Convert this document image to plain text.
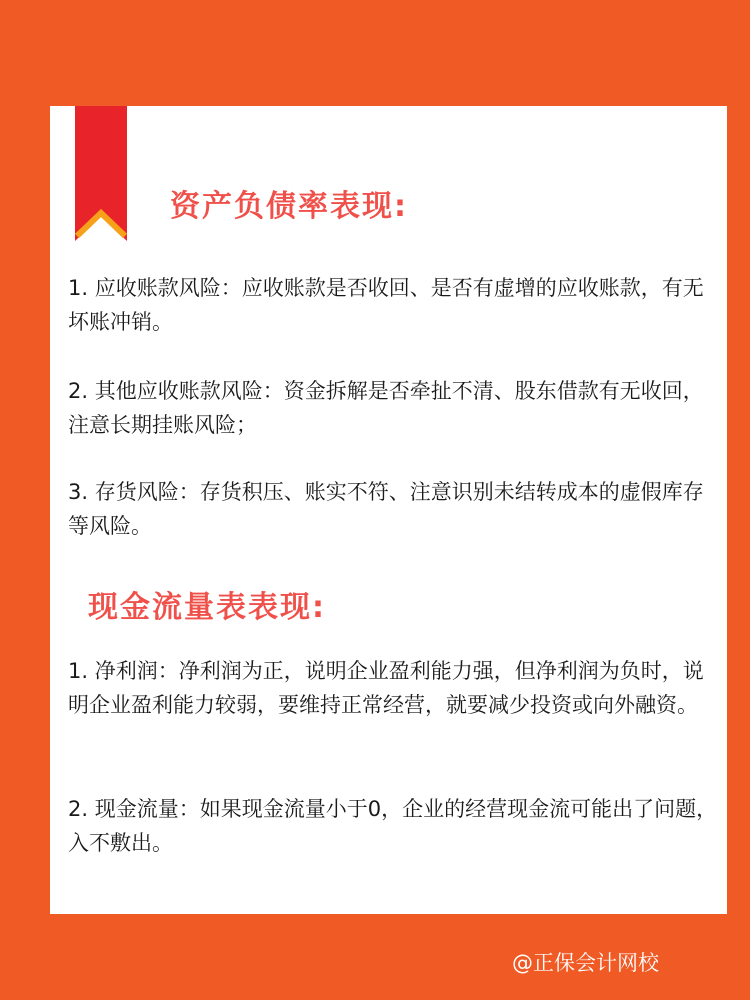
资产负债率表现:

1. 应收账款风险：应收账款是否收回、是否有虚增的应收账款，有无坏账冲销。

2. 其他应收账款风险：资金拆解是否牵扯不清、股东借款有无收回，注意长期挂账风险；

3. 存货风险：存货积压、账实不符、注意识别未结转成本的虚假库存等风险。

现金流量表表现:

1. 净利润：净利润为正，说明企业盈利能力强，但净利润为负时，说明企业盈利能力较弱，要维持正常经营，就要减少投资或向外融资。

2. 现金流量：如果现金流量小于0，企业的经营现金流可能出了问题，入不敷出。

@正保会计网校
